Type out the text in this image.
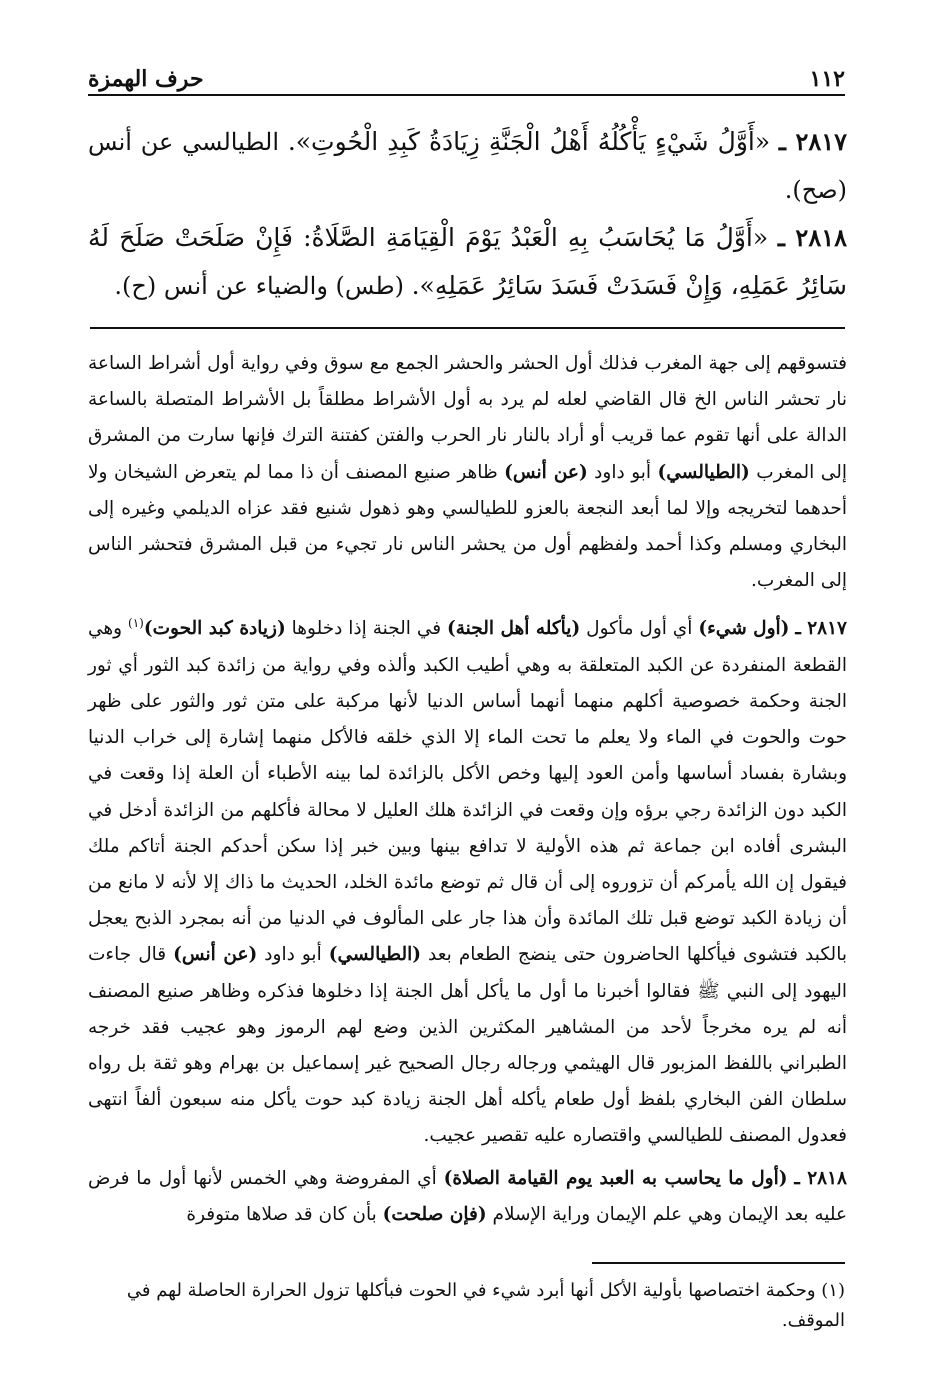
١١٢
حرف الهمزة
٢٨١٧ ـ «أَوَّلُ شَيْءٍ يَأْكُلُهُ أَهْلُ الْجَنَّةِ زِيَادَةُ كَبِدِ الْحُوتِ». الطيالسي عن أنس (صح).
٢٨١٨ ـ «أَوَّلُ مَا يُحَاسَبُ بِهِ الْعَبْدُ يَوْمَ الْقِيَامَةِ الصَّلَاةُ: فَإِنْ صَلَحَتْ صَلَحَ لَهُ سَائِرُ عَمَلِهِ، وَإِنْ فَسَدَتْ فَسَدَ سَائِرُ عَمَلِهِ». (طس) والضياء عن أنس (ح).

فتسوقهم إلى جهة المغرب فذلك أول الحشر والحشر الجمع مع سوق وفي رواية أول أشراط الساعة نار تحشر الناس الخ قال القاضي لعله لم يرد به أول الأشراط مطلقاً بل الأشراط المتصلة بالساعة الدالة على أنها تقوم عما قريب أو أراد بالنار نار الحرب والفتن كفتنة الترك فإنها سارت من المشرق إلى المغرب (الطيالسي) أبو داود (عن أنس) ظاهر صنيع المصنف أن ذا مما لم يتعرض الشيخان ولا أحدهما لتخريجه وإلا لما أبعد النجعة بالعزو للطيالسي وهو ذهول شنيع فقد عزاه الديلمي وغيره إلى البخاري ومسلم وكذا أحمد ولفظهم أول من يحشر الناس نار تجيء من قبل المشرق فتحشر الناس إلى المغرب.

٢٨١٧ ـ (أول شيء) أي أول مأكول (يأكله أهل الجنة) في الجنة إذا دخلوها (زيادة كبد الحوت)$^{(١)}$ وهي القطعة المنفردة عن الكبد المتعلقة به وهي أطيب الكبد وألذه وفي رواية من زائدة كبد الثور أي ثور الجنة وحكمة خصوصية أكلهم منهما أنهما أساس الدنيا لأنها مركبة على متن ثور والثور على ظهر حوت والحوت في الماء ولا يعلم ما تحت الماء إلا الذي خلقه فالأكل منهما إشارة إلى خراب الدنيا وبشارة بفساد أساسها وأمن العود إليها وخص الأكل بالزائدة لما بينه الأطباء أن العلة إذا وقعت في الكبد دون الزائدة رجي برؤه وإن وقعت في الزائدة هلك العليل لا محالة فأكلهم من الزائدة أدخل في البشرى أفاده ابن جماعة ثم هذه الأولية لا تدافع بينها وبين خبر إذا سكن أحدكم الجنة أتاكم ملك فيقول إن الله يأمركم أن تزوروه إلى أن قال ثم توضع مائدة الخلد، الحديث ما ذاك إلا لأنه لا مانع من أن زيادة الكبد توضع قبل تلك المائدة وأن هذا جار على المألوف في الدنيا من أنه بمجرد الذبح يعجل بالكبد فتشوى فيأكلها الحاضرون حتى ينضج الطعام بعد (الطيالسي) أبو داود (عن أنس) قال جاءت اليهود إلى النبي ﷺ فقالوا أخبرنا ما أول ما يأكل أهل الجنة إذا دخلوها فذكره وظاهر صنيع المصنف أنه لم يره مخرجاً لأحد من المشاهير المكثرين الذين وضع لهم الرموز وهو عجيب فقد خرجه الطبراني باللفظ المزبور قال الهيثمي ورجاله رجال الصحيح غير إسماعيل بن بهرام وهو ثقة بل رواه سلطان الفن البخاري بلفظ أول طعام يأكله أهل الجنة زيادة كبد حوت يأكل منه سبعون ألفاً انتهى فعدول المصنف للطيالسي واقتصاره عليه تقصير عجيب.

٢٨١٨ ـ (أول ما يحاسب به العبد يوم القيامة الصلاة) أي المفروضة وهي الخمس لأنها أول ما فرض عليه بعد الإيمان وهي علم الإيمان وراية الإسلام (فإن صلحت) بأن كان قد صلاها متوفرة

(١) وحكمة اختصاصها بأولية الأكل أنها أبرد شيء في الحوت فبأكلها تزول الحرارة الحاصلة لهم في الموقف.
